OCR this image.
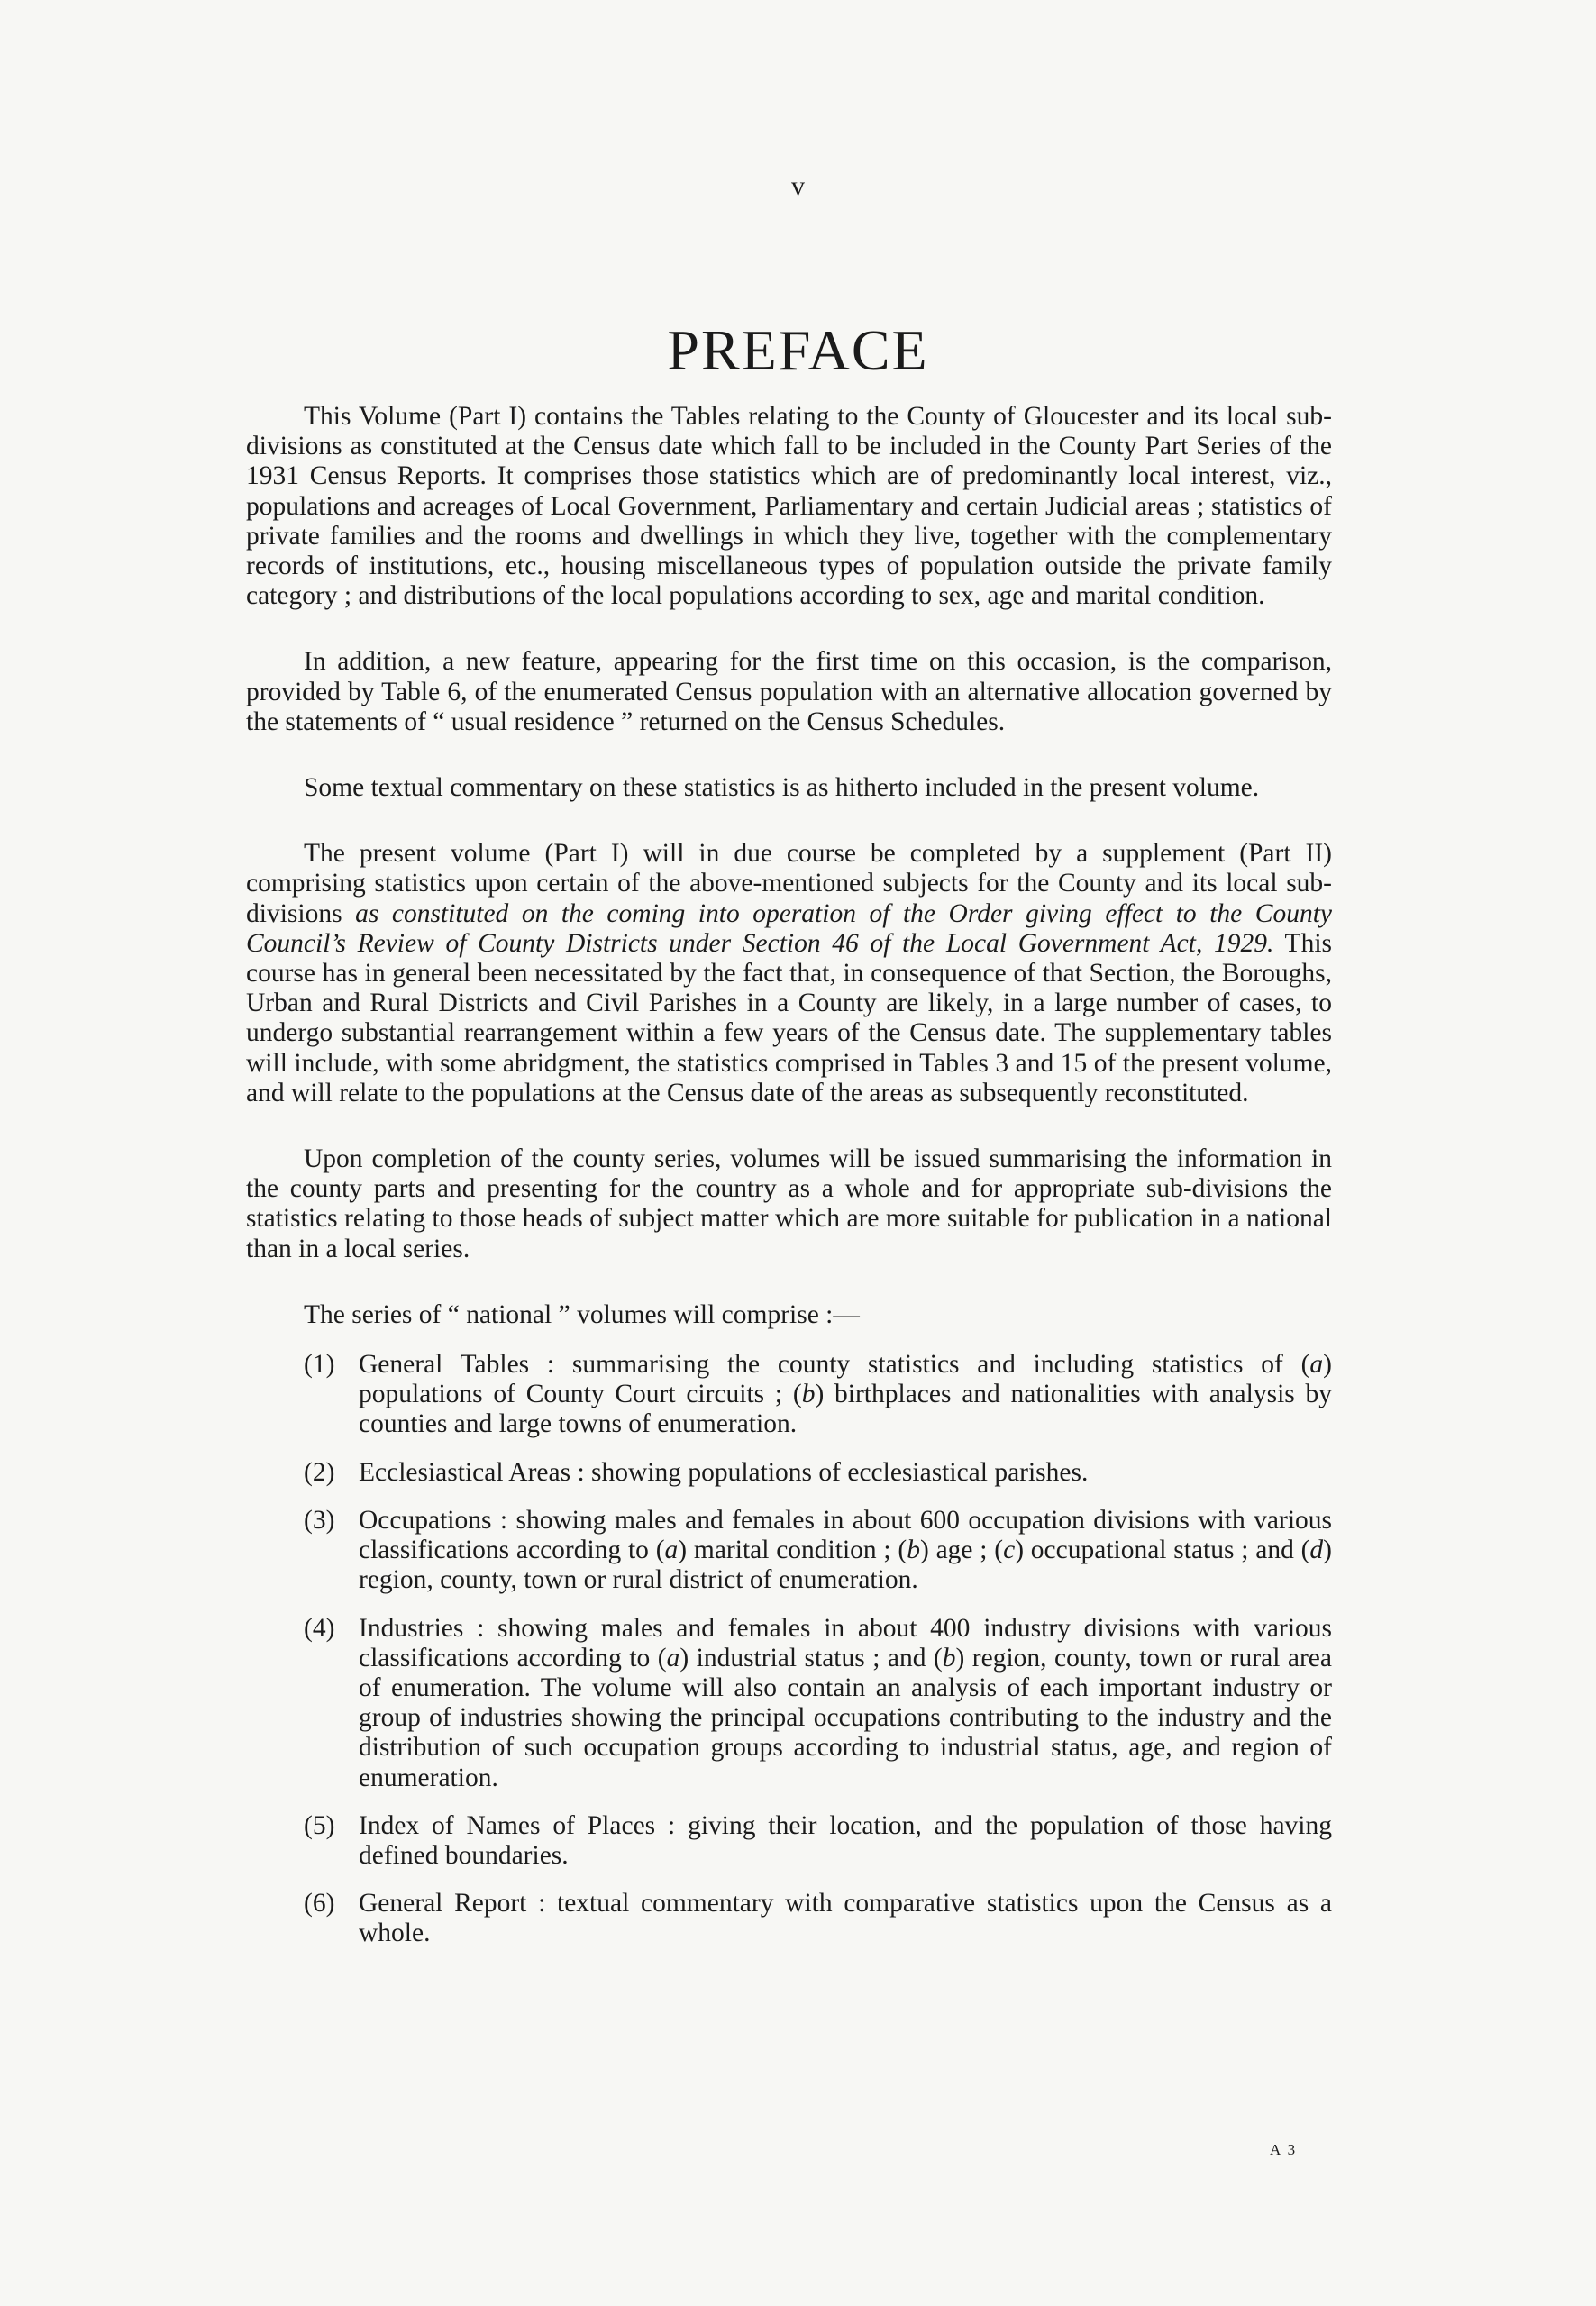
v
PREFACE

This Volume (Part I) contains the Tables relating to the County of Gloucester and its local sub-divisions as constituted at the Census date which fall to be included in the County Part Series of the 1931 Census Reports. It comprises those statistics which are of predominantly local interest, viz., populations and acreages of Local Government, Parliamentary and certain Judicial areas ; statistics of private families and the rooms and dwellings in which they live, together with the complementary records of institutions, etc., housing miscellaneous types of population outside the private family category ; and distributions of the local populations according to sex, age and marital condition.

In addition, a new feature, appearing for the first time on this occasion, is the comparison, provided by Table 6, of the enumerated Census population with an alternative allocation governed by the statements of “ usual residence ” returned on the Census Schedules.

Some textual commentary on these statistics is as hitherto included in the present volume.

The present volume (Part I) will in due course be completed by a supplement (Part II) comprising statistics upon certain of the above-mentioned subjects for the County and its local sub-divisions as constituted on the coming into operation of the Order giving effect to the County Council’s Review of County Districts under Section 46 of the Local Government Act, 1929. This course has in general been necessitated by the fact that, in consequence of that Section, the Boroughs, Urban and Rural Districts and Civil Parishes in a County are likely, in a large number of cases, to undergo substantial rearrangement within a few years of the Census date. The supplementary tables will include, with some abridgment, the statistics comprised in Tables 3 and 15 of the present volume, and will relate to the populations at the Census date of the areas as subsequently reconstituted.

Upon completion of the county series, volumes will be issued summarising the information in the county parts and presenting for the country as a whole and for appropriate sub-divisions the statistics relating to those heads of subject matter which are more suitable for publication in a national than in a local series.

The series of “ national ” volumes will comprise :—

(1) General Tables : summarising the county statistics and including statistics of (a) populations of County Court circuits ; (b) birthplaces and nationalities with analysis by counties and large towns of enumeration.
(2) Ecclesiastical Areas : showing populations of ecclesiastical parishes.
(3) Occupations : showing males and females in about 600 occupation divisions with various classifications according to (a) marital condition ; (b) age ; (c) occupational status ; and (d) region, county, town or rural district of enumeration.
(4) Industries : showing males and females in about 400 industry divisions with various classifications according to (a) industrial status ; and (b) region, county, town or rural area of enumeration. The volume will also contain an analysis of each important industry or group of industries showing the principal occupations contributing to the industry and the distribution of such occupation groups according to industrial status, age, and region of enumeration.
(5) Index of Names of Places : giving their location, and the population of those having defined boundaries.
(6) General Report : textual commentary with comparative statistics upon the Census as a whole.
A 3
